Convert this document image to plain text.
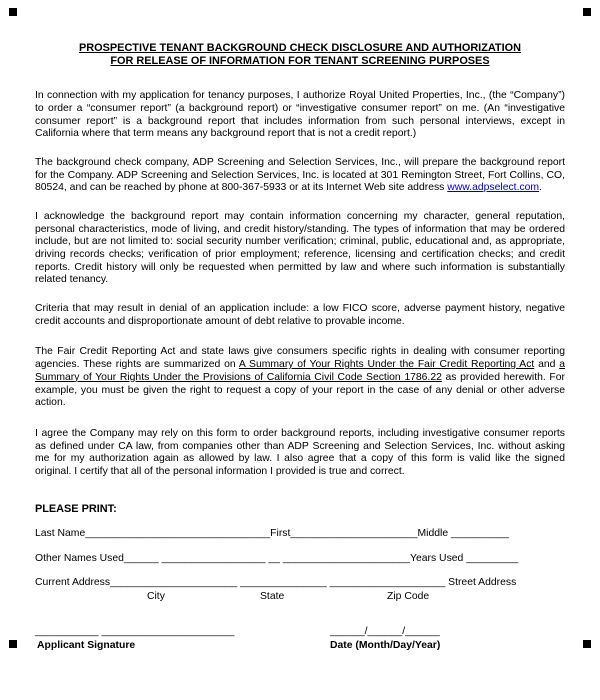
PROSPECTIVE TENANT BACKGROUND CHECK DISCLOSURE AND AUTHORIZATION
FOR RELEASE OF INFORMATION FOR TENANT SCREENING PURPOSES

In connection with my application for tenancy purposes, I authorize Royal United Properties, Inc., (the “Company”) to order a “consumer report” (a background report) or “investigative consumer report” on me. (An “investigative consumer report” is a background report that includes information from such personal interviews, except in California where that term means any background report that is not a credit report.)

The background check company, ADP Screening and Selection Services, Inc., will prepare the background report for the Company. ADP Screening and Selection Services, Inc. is located at 301 Remington Street, Fort Collins, CO, 80524, and can be reached by phone at 800-367-5933 or at its Internet Web site address www.adpselect.com.

I acknowledge the background report may contain information concerning my character, general reputation, personal characteristics, mode of living, and credit history/standing. The types of information that may be ordered include, but are not limited to: social security number verification; criminal, public, educational and, as appropriate, driving records checks; verification of prior employment; reference, licensing and certification checks; and credit reports. Credit history will only be requested when permitted by law and where such information is substantially related tenancy.

Criteria that may result in denial of an application include: a low FICO score, adverse payment history, negative credit accounts and disproportionate amount of debt relative to provable income.

The Fair Credit Reporting Act and state laws give consumers specific rights in dealing with consumer reporting agencies. These rights are summarized on A Summary of Your Rights Under the Fair Credit Reporting Act and a Summary of Your Rights Under the Provisions of California Civil Code Section 1786.22 as provided herewith. For example, you must be given the right to request a copy of your report in the case of any denial or other adverse action.

I agree the Company may rely on this form to order background reports, including investigative consumer reports as defined under CA law, from companies other than ADP Screening and Selection Services, Inc. without asking me for my authorization again as allowed by law. I also agree that a copy of this form is valid like the signed original. I certify that all of the personal information I provided is true and correct.

PLEASE PRINT:
Last Name________________________________First______________________Middle __________
Other Names Used______ __________________ __ ______________________Years Used _________
Current Address______________________ _______________ ____________________ Street Address
City	State	Zip Code
___________ _______________________	______/______/______
Applicant Signature	Date (Month/Day/Year)
